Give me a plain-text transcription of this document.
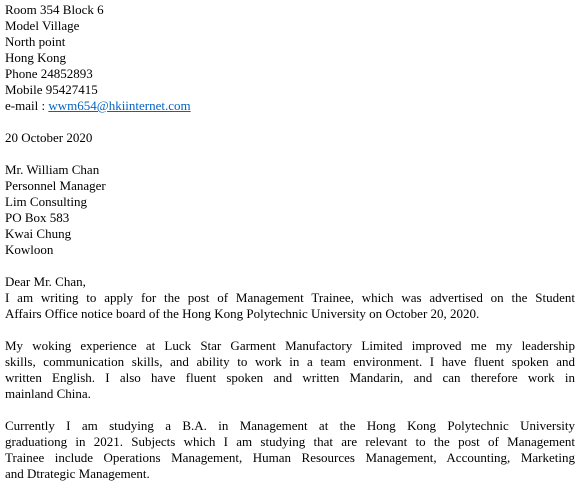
Room 354 Block 6
Model Village
North point
Hong Kong
Phone 24852893
Mobile 95427415
e-mail : wwm654@hkiinternet.com
20 October 2020
Mr. William Chan
Personnel Manager
Lim Consulting
PO Box 583
Kwai Chung
Kowloon
Dear Mr. Chan,
I am writing to apply for the post of Management Trainee, which was advertised on the Student
Affairs Office notice board of the Hong Kong Polytechnic University on October 20, 2020.
My woking experience at Luck Star Garment Manufactory Limited improved me my leadership
skills, communication skills, and ability to work in a team environment. I have fluent spoken and
written English. I also have fluent spoken and written Mandarin, and can therefore work in
mainland China.
Currently I am studying a B.A. in Management at the Hong Kong Polytechnic University
graduationg in 2021. Subjects which I am studying that are relevant to the post of Management
Trainee include Operations Management, Human Resources Management, Accounting, Marketing
and Dtrategic Management.
